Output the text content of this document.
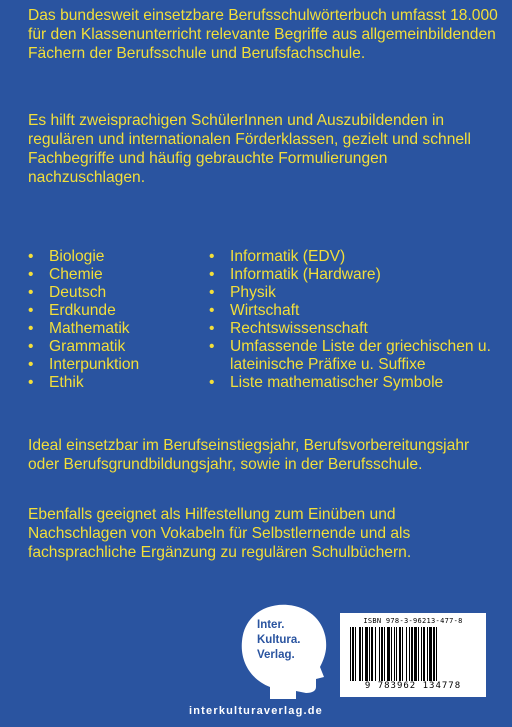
Das bundesweit einsetzbare Berufsschulwörterbuch umfasst 18.000 für den Klassenunterricht relevante Begriffe aus allgemeinbildenden Fächern der Berufsschule und Berufsfachschule.

Es hilft zweisprachigen SchülerInnen und Auszubildenden in regulären und internationalen Förderklassen, gezielt und schnell Fachbegriffe und häufig gebrauchte Formulierungen nachzuschlagen.

• Biologie
• Chemie
• Deutsch
• Erdkunde
• Mathematik
• Grammatik
• Interpunktion
• Ethik
• Informatik (EDV)
• Informatik (Hardware)
• Physik
• Wirtschaft
• Rechtswissenschaft
• Umfassende Liste der griechischen u. lateinische Präfixe u. Suffixe
• Liste mathematischer Symbole

Ideal einsetzbar im Berufseinstiegsjahr, Berufsvorbereitungsjahr oder Berufsgrundbildungsjahr, sowie in der Berufsschule.

Ebenfalls geeignet als Hilfestellung zum Einüben und Nachschlagen von Vokabeln für Selbstlernende und als fachsprachliche Ergänzung zu regulären Schulbüchern.

Inter.
Kultura.
Verlag.
ISBN 978-3-96213-477-8
9 783962 134778
interkulturaverlag.de
